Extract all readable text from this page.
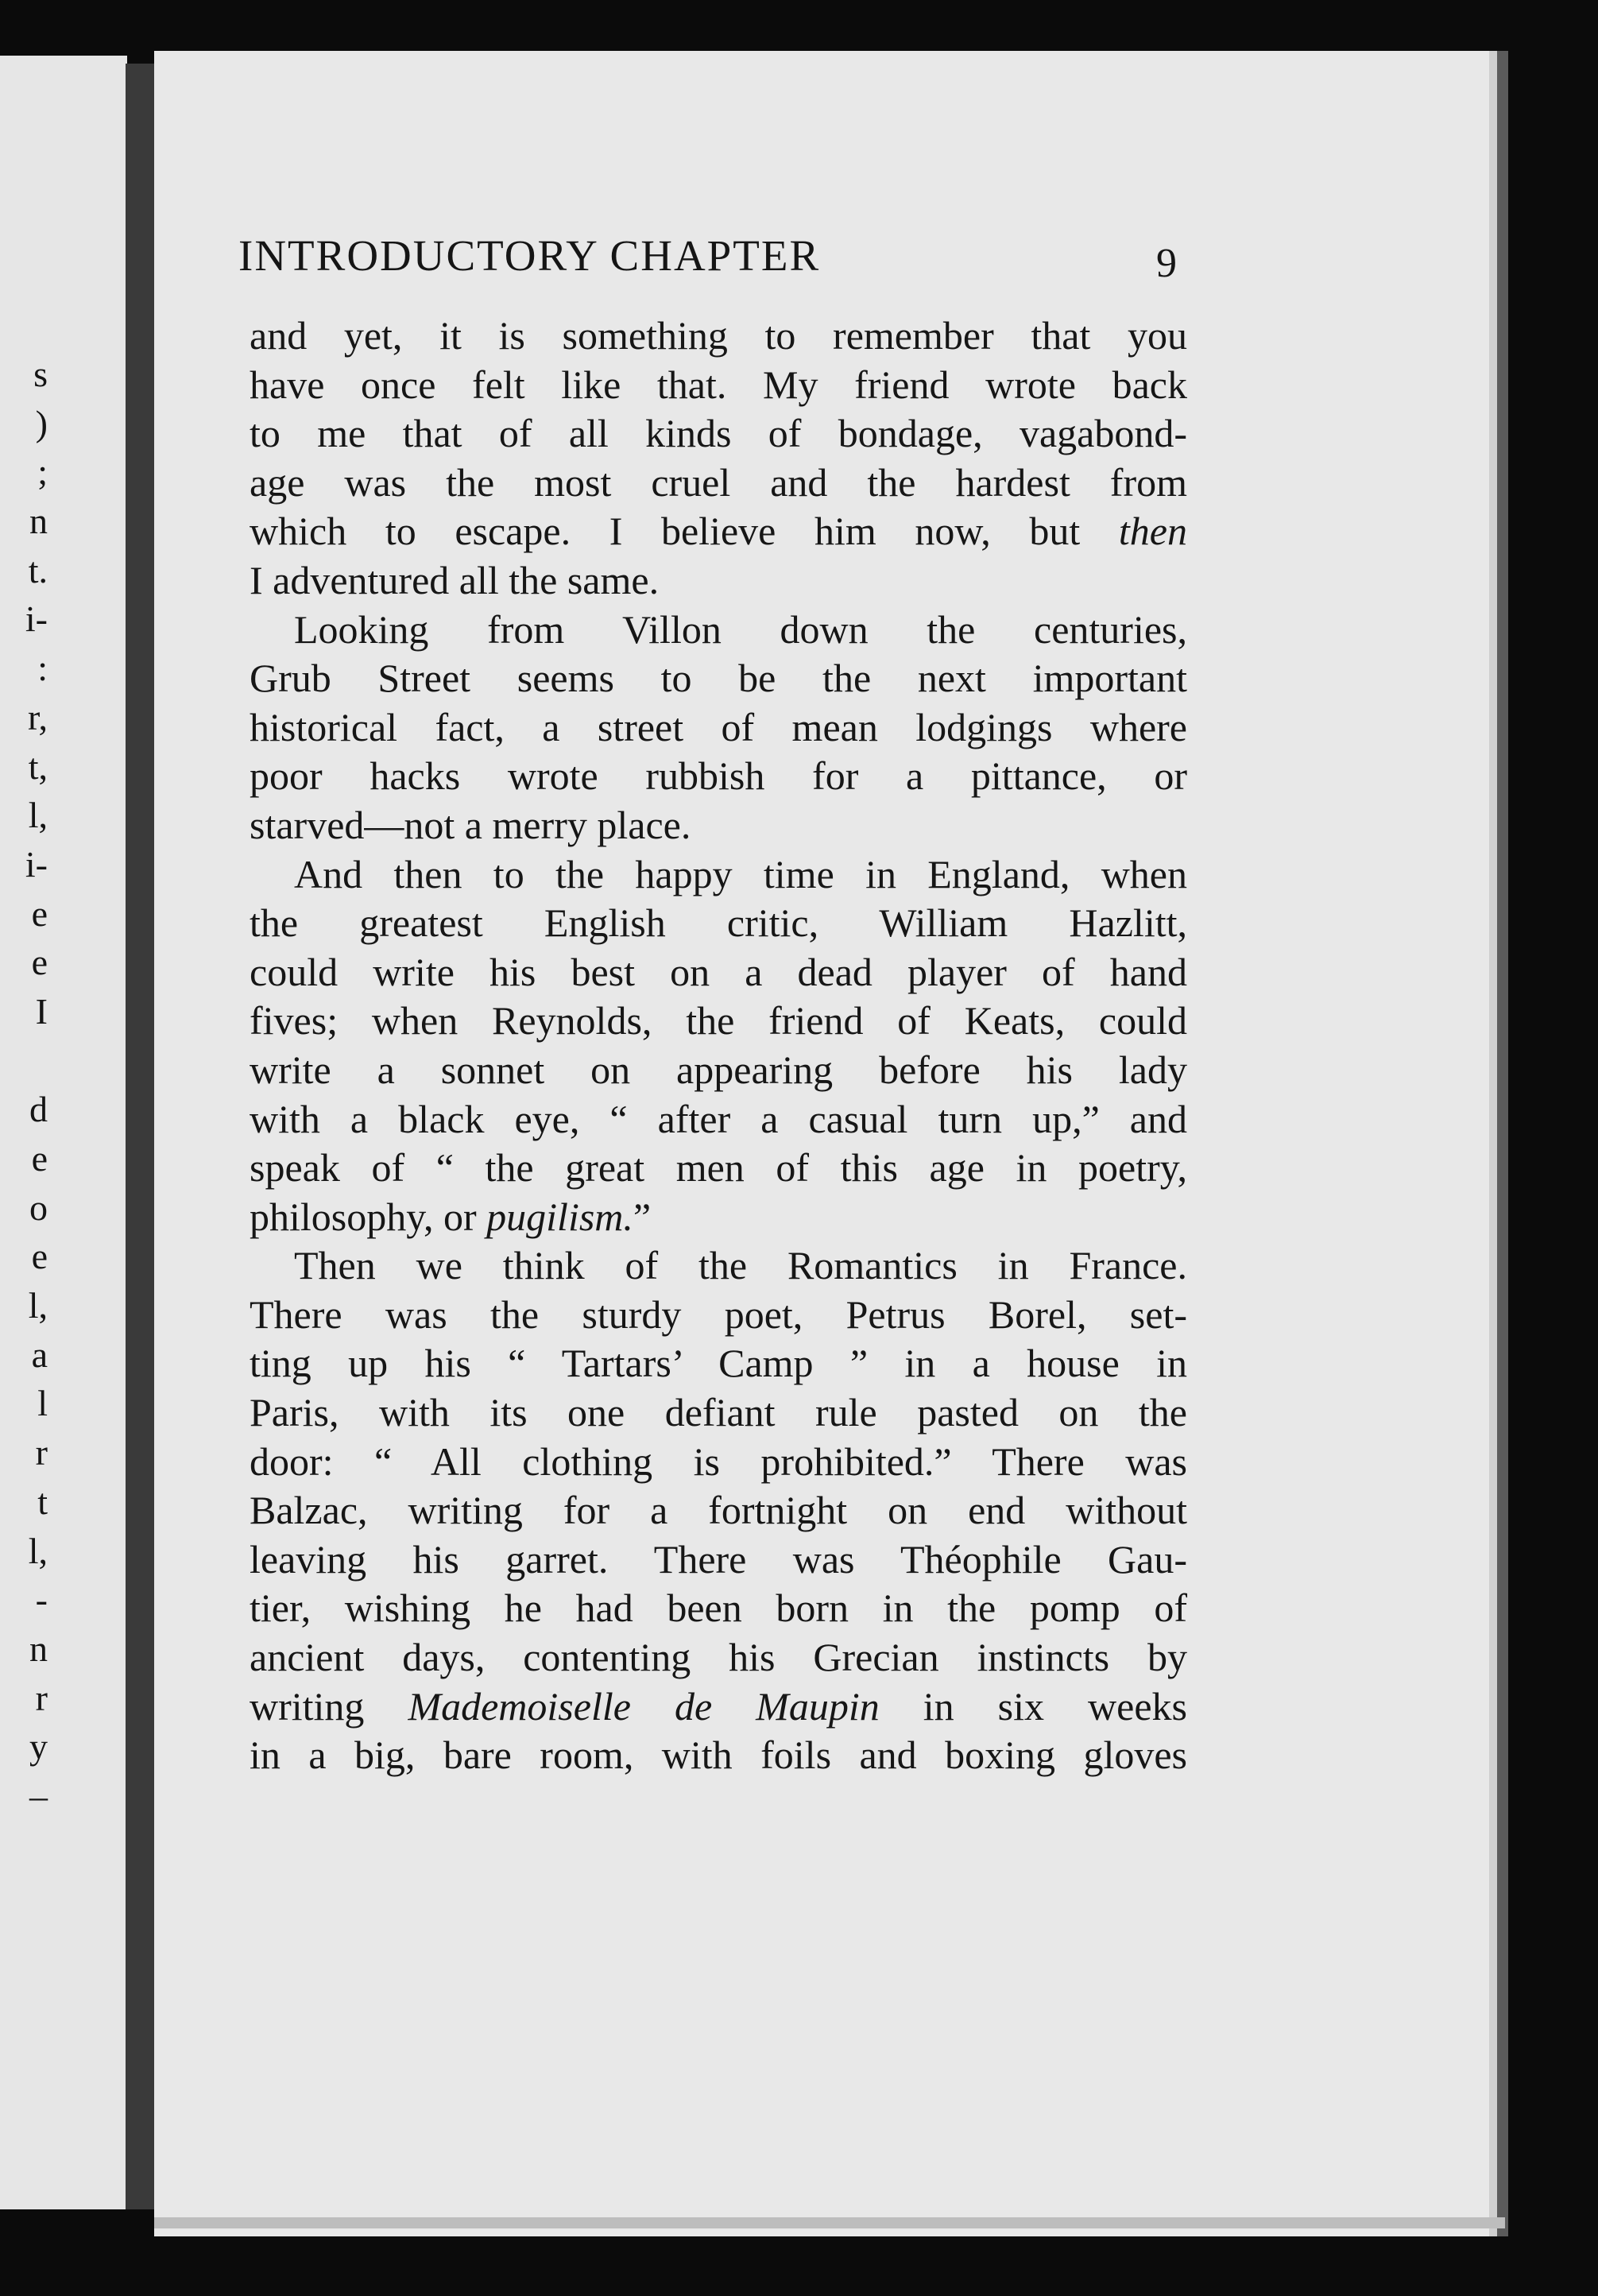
s
)
;
n
t.
i-
:
r,
t,
l,
i-
e
e
I
d
e
o
e
l,
a
l
r
t
l,
-
n
r
y
–
INTRODUCTORY CHAPTER	9
and yet, it is something to remember that you
have once felt like that. My friend wrote back
to me that of all kinds of bondage, vagabond-
age was the most cruel and the hardest from
which to escape. I believe him now, but then
I adventured all the same.
Looking from Villon down the centuries,
Grub Street seems to be the next important
historical fact, a street of mean lodgings where
poor hacks wrote rubbish for a pittance, or
starved—not a merry place.
And then to the happy time in England, when
the greatest English critic, William Hazlitt,
could write his best on a dead player of hand
fives; when Reynolds, the friend of Keats, could
write a sonnet on appearing before his lady
with a black eye, “ after a casual turn up,” and
speak of “ the great men of this age in poetry,
philosophy, or pugilism.”
Then we think of the Romantics in France.
There was the sturdy poet, Petrus Borel, set-
ting up his “ Tartars’ Camp ” in a house in
Paris, with its one defiant rule pasted on the
door: “ All clothing is prohibited.” There was
Balzac, writing for a fortnight on end without
leaving his garret. There was Théophile Gau-
tier, wishing he had been born in the pomp of
ancient days, contenting his Grecian instincts by
writing Mademoiselle de Maupin in six weeks
in a big, bare room, with foils and boxing gloves
